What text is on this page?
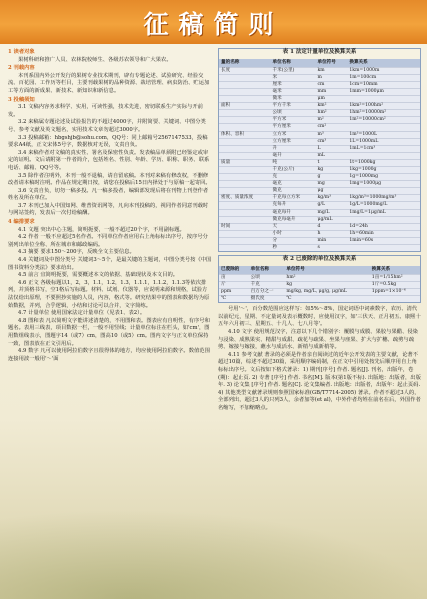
征稿简则
1 读者对象

果树科研和推广人员、农林院校师生、各级苏农领导和广大果农。

2 刊载内容

本刊系国内外公开发行的果树专业技术期刊，辟有专题论述、试验研究、经验交流、百花园、工作历等栏目，主要刊载果树的品种资源、栽培管理、病虫防治、贮运加工等方面的新成果、新技术、新知识和新信息。

3 投稿须知

3.1 文稿内容务求科学、实用，可读性强，技术先进，密切联系生产实际与开前发。

3.2 来稿属专题论述及试验报告的不超过4000字，并附简要、关键词、中图分类号、参考文献及英文题名，实用技术文章勿超过3000字。

3.3 投稿邮箱：hbgshjb@sohu.com，QQ号：同上邮箱号2567147533，投稿要求A4纸，正文宋体5号字，数据核对无误，文责自负。

3.4 来稿作者对文稿的真实性、署名及保密性负责。发表稿品单须附已经鉴定或审定的证明。文后请附第一作者简介，包括姓名、性别、年龄、学历、职称、职务、联系电话、邮箱、QQ号等。

3.5 除作者注明外，本刊一般不退稿，请自留底稿。本刊对来稿有修改权，不删修改者请本稿时注明。作品在规定期日按，请您在投稿后15日内择处于与原稿一起寄回。

3.6 文责自负，切勿一稿多投。凡一稿多投者，编辑部发现后将在刊物上刊登作者姓名及所在单位。

3.7 本刊已加入中国知网、维普资讯网等，凡向本刊投稿的，视同作者同意刊载时与网站签约，发表后一次付给稿酬。

4 编排要求

4.1 文题 突出中心主题，简明扼要，一般不超过20个字，不用副标题。

4.2 作者 一般不应超过5名作者。不同单位作者应用右上角标标出序号，按序号分别列出单位全称、所在城市和邮政编码。

4.3 摘要 要求150～200字，反映全文主要信息。

4.4 关键词及中图分类号 关键词3～5个，是最关键的主题词，中图分类号按《中国图书资料分类法》要求给出。

4.5 前言 宜简明扼要，需要概述本文的依据、基础现状及本文目的。

4.6 正文 各级标题以1，2，3，1.1，1.2，1.3，1.1.1，1.1.2，1.1.3等依次排列，并顶格书写，空1格后写标题。材料、试剂、仪器等，应说明来源和规格，试验方法仅给出原理，不要照抄实施的人员，内容，格式等。研究结果中的图表和数据均为原始数据，并列，合乎逻辑，小结和讨论可以合并，文字简练。

4.7 计量单位 使用国家法定计量单位（见表1、表2）。

4.8 图和表 凡以简明文字能讲述清楚的，不用图和表。图表应有自明性，有序号和题名。表用三线表，项目数据一栏，一般不用竖线；计量单位标注在栏头，如'cm'，图用数组线表示，图题字14（或7）cm，图高10（或5）cm。图内文字与正文单位保持一致，图表放在正文引用后。

4.9 数字 凡可以使用阿拉伯数字且很得体的地方，均应使用阿拉伯数字。数值范围连接用波一般用'～'面

表 1 法定计量单位及换算关系
量的名称	单位名称	单位符号	换算关系
长度	千米(公里)	km	1km=1000m
	米	m	1m=100cm
	厘米	cm	1cm=10mm
	毫米	mm	1mm=1000μm
	微米	μm	
面积	平方千米	km²	1km²=100hm²
	公顷	hm²	1hm²=10000m²
	平方米	m²	1m²=10000cm²
	平方厘米	cm²	
体积、容积	立方米	m³	1m³=1000L
	立方厘米	cm³	1L=1000mL
	升	L	1mL=1cm³
	毫升	mL	
质量	吨	t	1t=1000kg
	千克(公斤)	kg	1kg=1000g
	克	g	1g=1000mg
	毫克	mg	1mg=1000μg
	微克	μg	
密度、质量浓度	千克每立方米	kg/m³	1kg/m³=1000mg/m³
	克每升	g/L	1g/L=1000mg/L
	毫克每升	mg/L	1mg/L=1μg/mL
	微克每毫升	μg/mL	
时间	天	d	1d=24h
	小时	h	1h=60min
	分	min	1min=60s
	秒	s	
表 2 已废除的单位及换算关系
已废除的	单位名称	单位符号	换算关系
亩	公顷	hm²	1亩=1/15hm²
斤	千克	kg	1斤=0.5kg
ppm	百万分之一	mg/kg, mg/L, μg/g, μg/mL	1ppm=1×10⁻⁶
℃	摄氏度	℃	

号用'～'，百分数范围应这样写：如5%～8%，国定词语中词素数字，农历、清代以前纪元，星期、不定量词及表示概数时，应使用汉字，如'三伏天、正月初五、康熙十五年六月初三、星期五、十几人、七八月等'。

4.10 文字 使用规范汉字，注意以下几个错别字：覆膜与成膜、果胶与果醋、侵染与浸染、成熟果实、精甜与成甜、疏花与疏果、坐果与座果、扩大与扩穗、疏剪与疏剪、嫁接与嫁接，蘸水与成活水、新梢与成新梢等。

4.11 参考文献 著录的必须是作者亲自阅读过的近年公开发表的主要文献，论著不超过10篇，综述不超过30篇，采用顺序编码制，在正文中引用处按先后顺序用自上角标标出序号。文后按如下格式著录：1) 期刊[序号] 作者. 题名[J]. 刊名，出版年，卷(期)：起止页. 2) 专著 [序号] 作者. 书名[M]. 版本(第1版不标). 出版地：出版者，出版年. 3) 论文集 [序号] 作者. 题名[C]. 论文集编者. 出版地：出版者，出版年：起止页码. 4) 其他类型文献著录规则参照国家标准(GB/T7714-2005) 著录。作者不超过3人的，全部列出，超过3人的只列3人，余者加等(et al)，中外作者均姓在前名在后，外国作者名缩写，不加缩略点。
